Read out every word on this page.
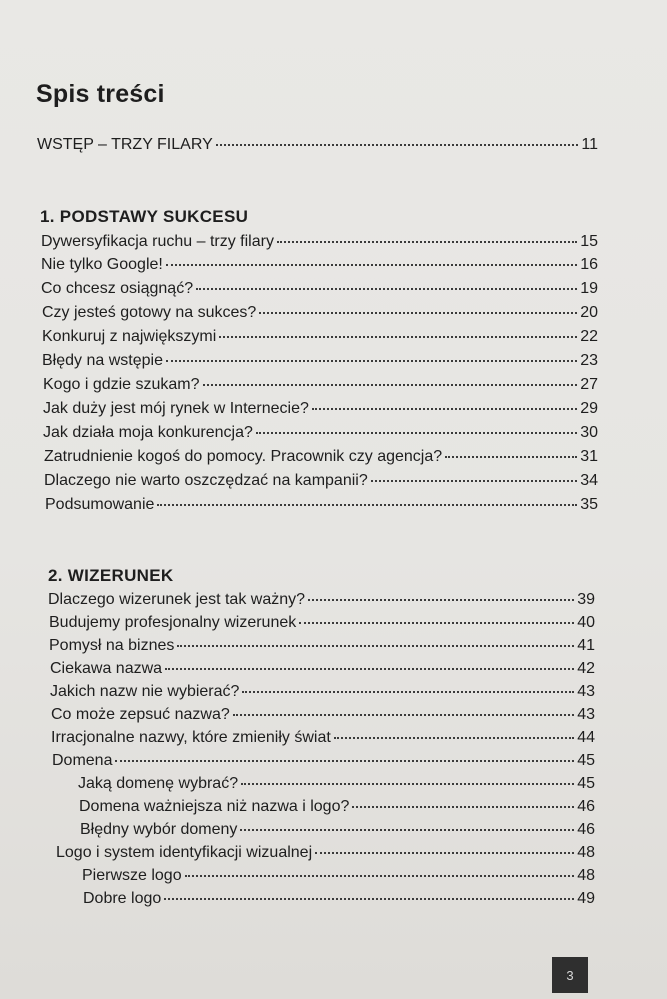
Spis treści
WSTĘP – TRZY FILARY	11
1. PODSTAWY SUKCESU
Dywersyfikacja ruchu – trzy filary	15
Nie tylko Google!	16
Co chcesz osiągnąć?	19
Czy jesteś gotowy na sukces?	20
Konkuruj z największymi	22
Błędy na wstępie	23
Kogo i gdzie szukam?	27
Jak duży jest mój rynek w Internecie?	29
Jak działa moja konkurencja?	30
Zatrudnienie kogoś do pomocy. Pracownik czy agencja?	31
Dlaczego nie warto oszczędzać na kampanii?	34
Podsumowanie	35
2. WIZERUNEK
Dlaczego wizerunek jest tak ważny?	39
Budujemy profesjonalny wizerunek	40
Pomysł na biznes	41
Ciekawa nazwa	42
Jakich nazw nie wybierać?	43
Co może zepsuć nazwa?	43
Irracjonalne nazwy, które zmieniły świat	44
Domena	45
Jaką domenę wybrać?	45
Domena ważniejsza niż nazwa i logo?	46
Błędny wybór domeny	46
Logo i system identyfikacji wizualnej	48
Pierwsze logo	48
Dobre logo	49
3
